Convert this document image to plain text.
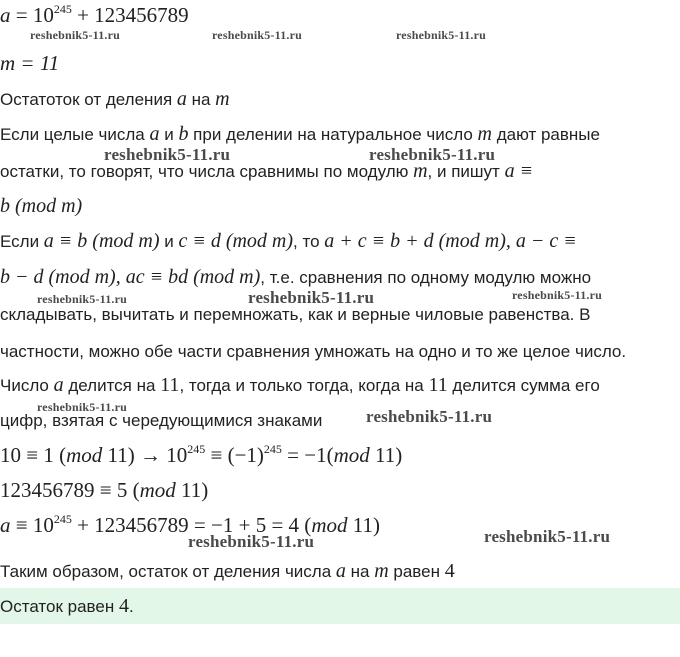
$a = 10^{245} + 123456789$
m = 11
Остатоток от деления a на m
Если целые числа a и b при делении на натуральное число m дают равные
остатки, то говорят, что числа сравнимы по модулю m, и пишут a ≡
b (mod m)
Если a ≡ b (mod m) и c ≡ d (mod m), то a + c ≡ b + d (mod m), a − c ≡
b − d (mod m), ac ≡ bd (mod m), т.е. сравнения по одному модулю можно
складывать, вычитать и перемножать, как и верные чиловые равенства. В
частности, можно обе части сравнения умножать на одно и то же целое число.
Число a делится на 11, тогда и только тогда, когда на 11 делится сумма его
цифр, взятая с чередующимися знаками
10 ≡ 1 (mod $11) \to 10^{245} \equiv (-1)^{245} = -1(mod$ 11)
123456789 ≡ 5 (mod 11)
$a \equiv 10^{245} + 123456789 = -1 + 5 = 4$ (mod 11)
Таким образом, остаток от деления числа a на m равен 4
Остаток равен 4.
reshebnik5-11.ru	reshebnik5-11.ru	reshebnik5-11.ru
reshebnik5-11.ru	reshebnik5-11.ru
reshebnik5-11.ru	reshebnik5-11.ru	reshebnik5-11.ru
reshebnik5-11.ru	reshebnik5-11.ru
reshebnik5-11.ru	reshebnik5-11.ru
